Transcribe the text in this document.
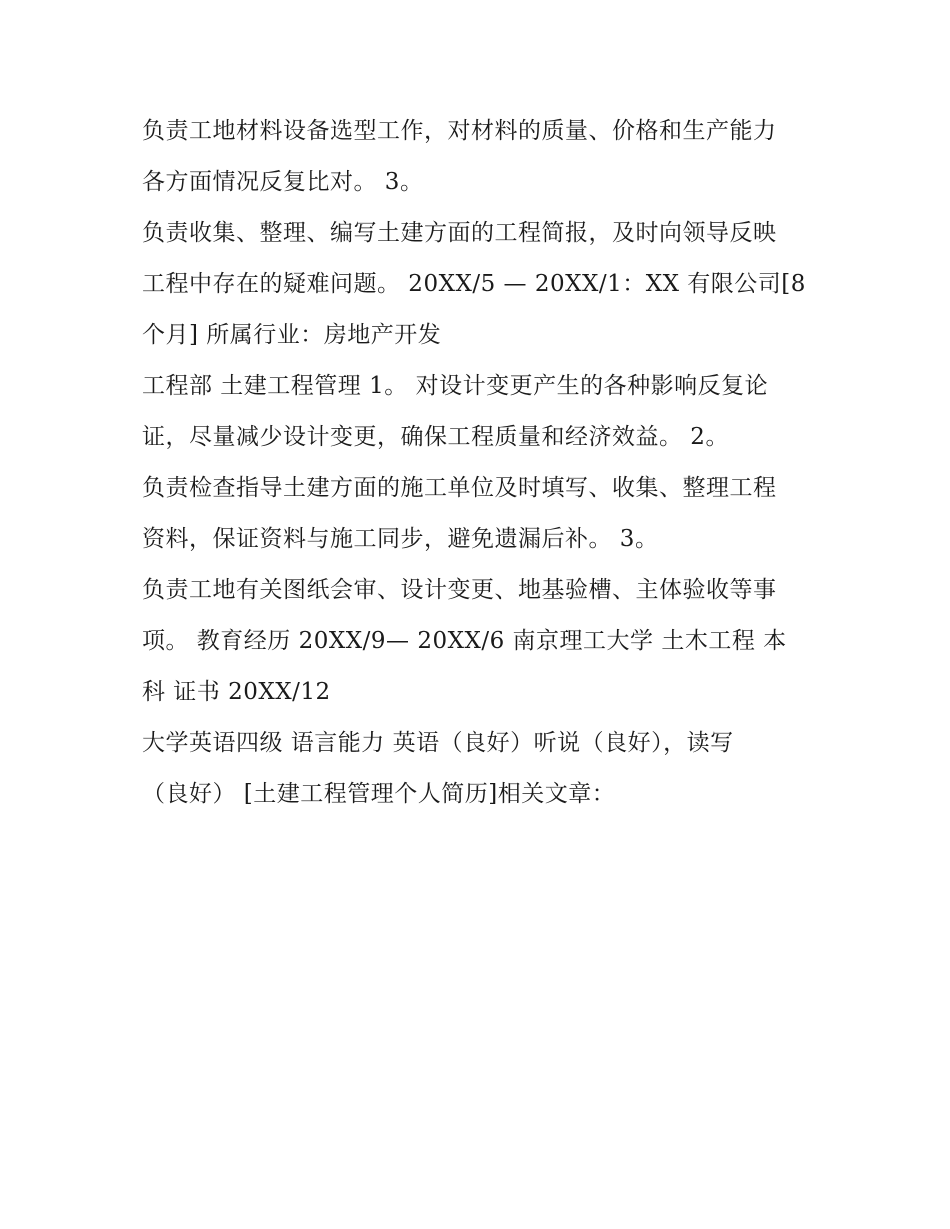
负责工地材料设备选型工作，对材料的质量、价格和生产能力
各方面情况反复比对。 3。
负责收集、整理、编写土建方面的工程简报，及时向领导反映
工程中存在的疑难问题。 20XX/5 — 20XX/1：XX 有限公司[8
个月] 所属行业：房地产开发
工程部 土建工程管理 1。 对设计变更产生的各种影响反复论
证，尽量减少设计变更，确保工程质量和经济效益。 2。
负责检查指导土建方面的施工单位及时填写、收集、整理工程
资料，保证资料与施工同步，避免遗漏后补。 3。
负责工地有关图纸会审、设计变更、地基验槽、主体验收等事
项。 教育经历 20XX/9— 20XX/6 南京理工大学 土木工程 本
科 证书 20XX/12
大学英语四级 语言能力 英语（良好）听说（良好），读写
（良好） [土建工程管理个人简历]相关文章：
